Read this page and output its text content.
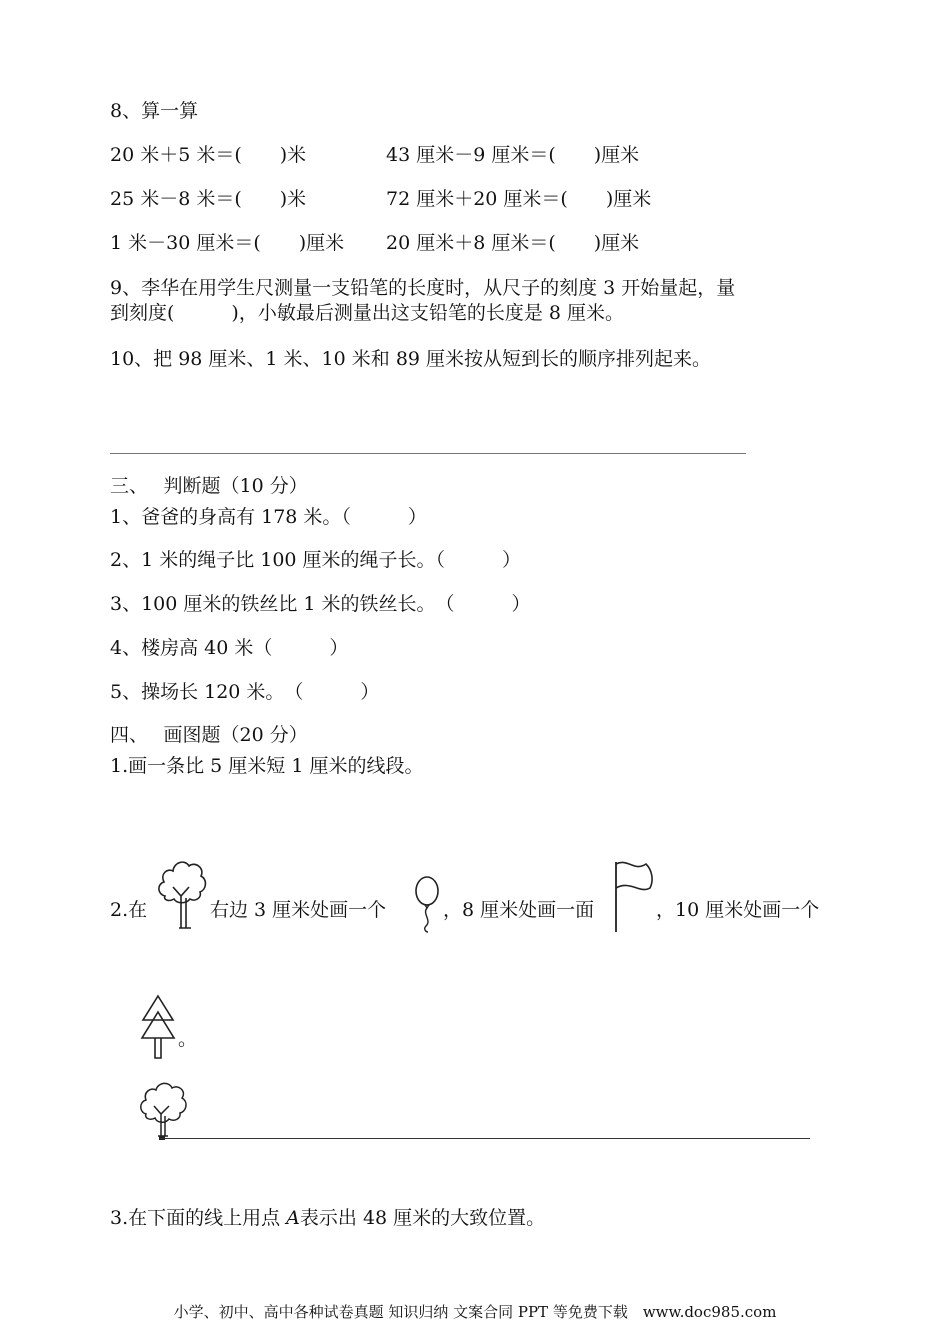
8、算一算
20 米＋5 米＝(　　)米	43 厘米－9 厘米＝(　　)厘米
25 米－8 米＝(　　)米	72 厘米＋20 厘米＝(　　)厘米
1 米－30 厘米＝(　　)厘米 20 厘米＋8 厘米＝(　　)厘米
9、李华在用学生尺测量一支铅笔的长度时，从尺子的刻度 3 开始量起，量
到刻度(　　　)，小敏最后测量出这支铅笔的长度是 8 厘米。
10、把 98 厘米、1 米、10 米和 89 厘米按从短到长的顺序排列起来。
三、　 判断题（10 分）
1、爸爸的身高有 178 米。（　　　）
2、1 米的绳子比 100 厘米的绳子长。（　　　）
3、100 厘米的铁丝比 1 米的铁丝长。　（　　　）
4、楼房高 40 米（　　　）
5、操场长 120 米。　（　　　）
四、　 画图题（20 分）
1.画一条比 5 厘米短 1 厘米的线段。
2.在	右边 3 厘米处画一个	，8 厘米处画一面	，10 厘米处画一个
。
3.在下面的线上用点 A表示出 48 厘米的大致位置。
小学、初中、高中各种试卷真题 知识归纳 文案合同 PPT 等免费下载　www.doc985.com
